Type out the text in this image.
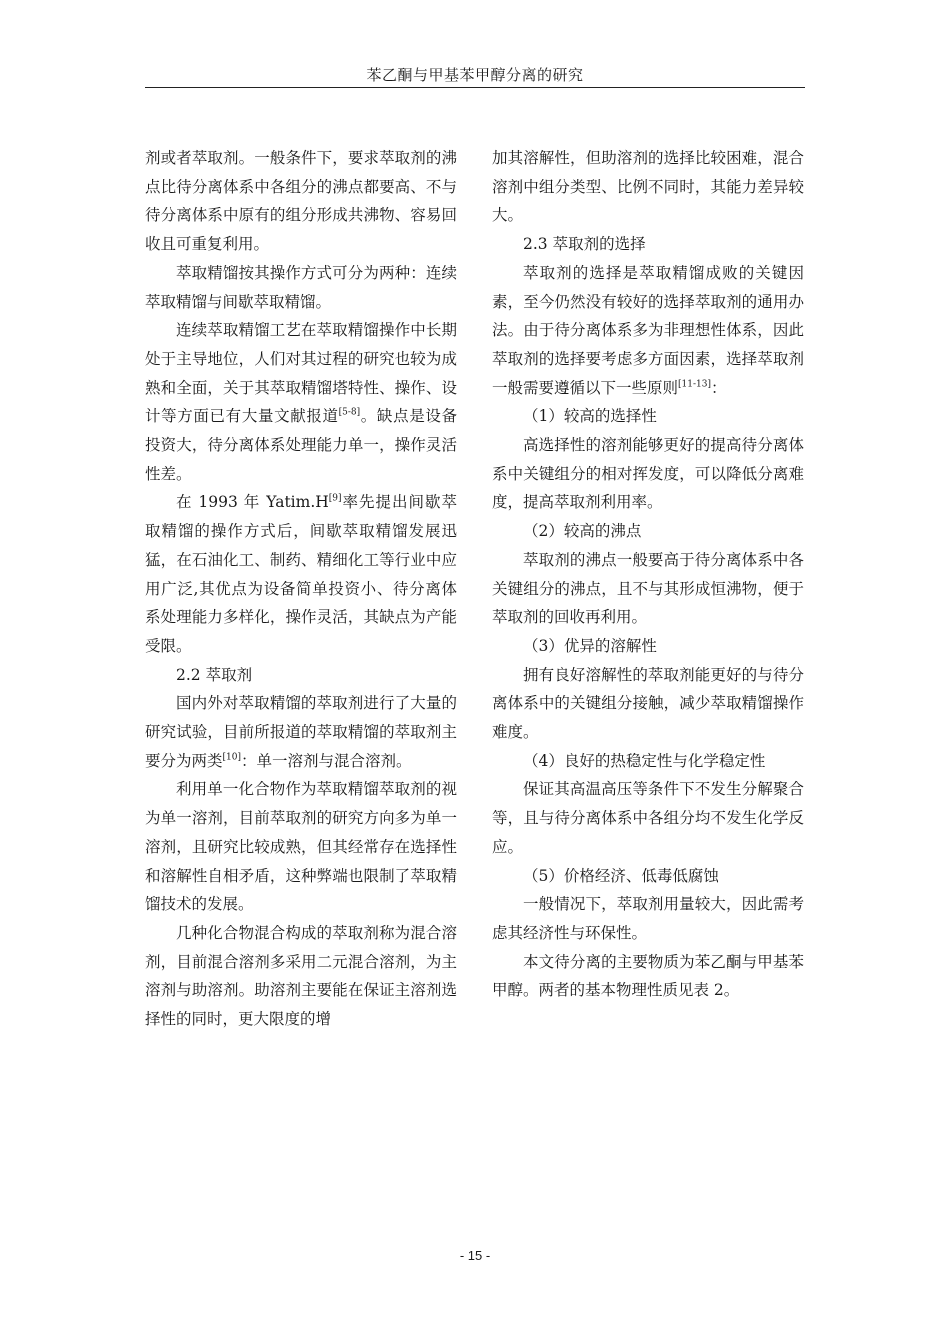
苯乙酮与甲基苯甲醇分离的研究

剂或者萃取剂。一般条件下，要求萃取剂的沸点比待分离体系中各组分的沸点都要高、不与待分离体系中原有的组分形成共沸物、容易回收且可重复利用。

萃取精馏按其操作方式可分为两种：连续萃取精馏与间歇萃取精馏。

连续萃取精馏工艺在萃取精馏操作中长期处于主导地位，人们对其过程的研究也较为成熟和全面，关于其萃取精馏塔特性、操作、设计等方面已有大量文献报道[5-8]。缺点是设备投资大，待分离体系处理能力单一，操作灵活性差。

在 1993 年 Yatim.H[9]率先提出间歇萃取精馏的操作方式后，间歇萃取精馏发展迅猛，在石油化工、制药、精细化工等行业中应用广泛,其优点为设备简单投资小、待分离体系处理能力多样化，操作灵活，其缺点为产能受限。

2.2 萃取剂

国内外对萃取精馏的萃取剂进行了大量的研究试验，目前所报道的萃取精馏的萃取剂主要分为两类[10]：单一溶剂与混合溶剂。

利用单一化合物作为萃取精馏萃取剂的视为单一溶剂，目前萃取剂的研究方向多为单一溶剂，且研究比较成熟，但其经常存在选择性和溶解性自相矛盾，这种弊端也限制了萃取精馏技术的发展。

几种化合物混合构成的萃取剂称为混合溶剂，目前混合溶剂多采用二元混合溶剂，为主溶剂与助溶剂。助溶剂主要能在保证主溶剂选择性的同时，更大限度的增

加其溶解性，但助溶剂的选择比较困难，混合溶剂中组分类型、比例不同时，其能力差异较大。

2.3 萃取剂的选择

萃取剂的选择是萃取精馏成败的关键因素，至今仍然没有较好的选择萃取剂的通用办法。由于待分离体系多为非理想性体系，因此萃取剂的选择要考虑多方面因素，选择萃取剂一般需要遵循以下一些原则[11-13]：

（1）较高的选择性

高选择性的溶剂能够更好的提高待分离体系中关键组分的相对挥发度，可以降低分离难度，提高萃取剂利用率。

（2）较高的沸点

萃取剂的沸点一般要高于待分离体系中各关键组分的沸点，且不与其形成恒沸物，便于萃取剂的回收再利用。

（3）优异的溶解性

拥有良好溶解性的萃取剂能更好的与待分离体系中的关键组分接触，减少萃取精馏操作难度。

（4）良好的热稳定性与化学稳定性

保证其高温高压等条件下不发生分解聚合等，且与待分离体系中各组分均不发生化学反应。

（5）价格经济、低毒低腐蚀

一般情况下，萃取剂用量较大，因此需考虑其经济性与环保性。

本文待分离的主要物质为苯乙酮与甲基苯甲醇。两者的基本物理性质见表 2。

- 15 -
